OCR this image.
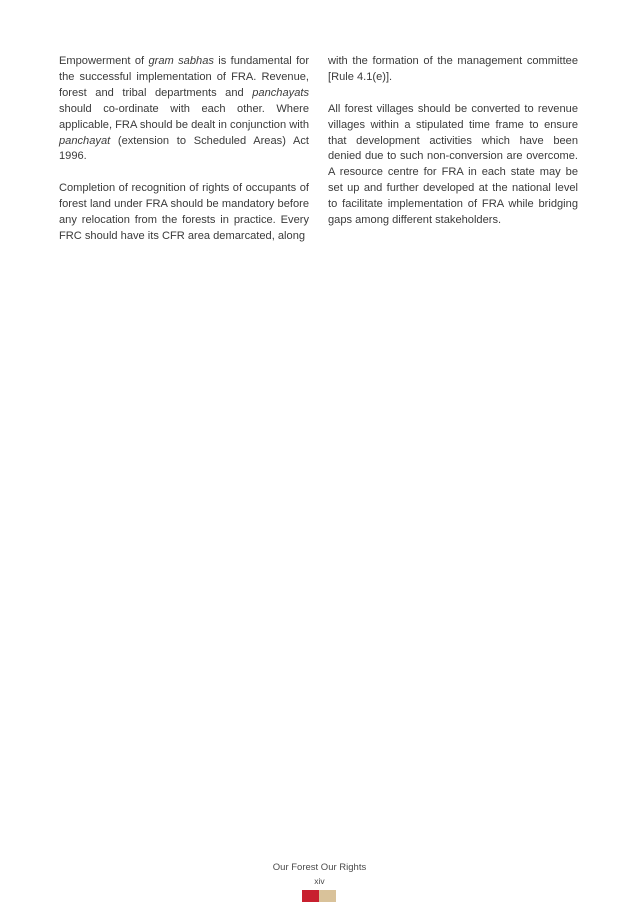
Empowerment of gram sabhas is fundamental for the successful implementation of FRA. Revenue, forest and tribal departments and panchayats should co-ordinate with each other. Where applicable, FRA should be dealt in conjunction with panchayat (extension to Scheduled Areas) Act 1996.

Completion of recognition of rights of occupants of forest land under FRA should be mandatory before any relocation from the forests in practice. Every FRC should have its CFR area demarcated, along

with the formation of the management committee [Rule 4.1(e)].

All forest villages should be converted to revenue villages within a stipulated time frame to ensure that development activities which have been denied due to such non-conversion are overcome. A resource centre for FRA in each state may be set up and further developed at the national level to facilitate implementation of FRA while bridging gaps among different stakeholders.

Our Forest Our Rights
xiv
